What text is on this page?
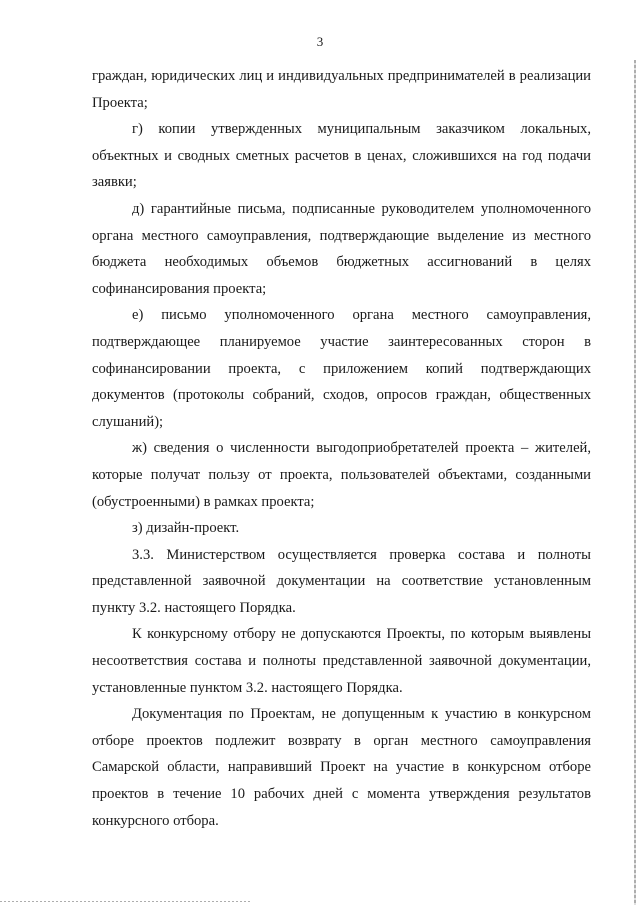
3

граждан, юридических лиц и индивидуальных предпринимателей в реализации Проекта;

г) копии утвержденных муниципальным заказчиком локальных, объектных и сводных сметных расчетов в ценах, сложившихся на год подачи заявки;

д) гарантийные письма, подписанные руководителем уполномоченного органа местного самоуправления, подтверждающие выделение из местного бюджета необходимых объемов бюджетных ассигнований в целях софинансирования проекта;

е) письмо уполномоченного органа местного самоуправления, подтверждающее планируемое участие заинтересованных сторон в софинансировании проекта, с приложением копий подтверждающих документов (протоколы собраний, сходов, опросов граждан, общественных слушаний);

ж) сведения о численности выгодоприобретателей проекта – жителей, которые получат пользу от проекта, пользователей объектами, созданными (обустроенными) в рамках проекта;

з) дизайн-проект.

3.3. Министерством осуществляется проверка состава и полноты представленной заявочной документации на соответствие установленным пункту 3.2. настоящего Порядка.

К конкурсному отбору не допускаются Проекты, по которым выявлены несоответствия состава и полноты представленной заявочной документации, установленные пунктом 3.2. настоящего Порядка.

Документация по Проектам, не допущенным к участию в конкурсном отборе проектов подлежит возврату в орган местного самоуправления Самарской области, направивший Проект на участие в конкурсном отборе проектов в течение 10 рабочих дней с момента утверждения результатов конкурсного отбора.
